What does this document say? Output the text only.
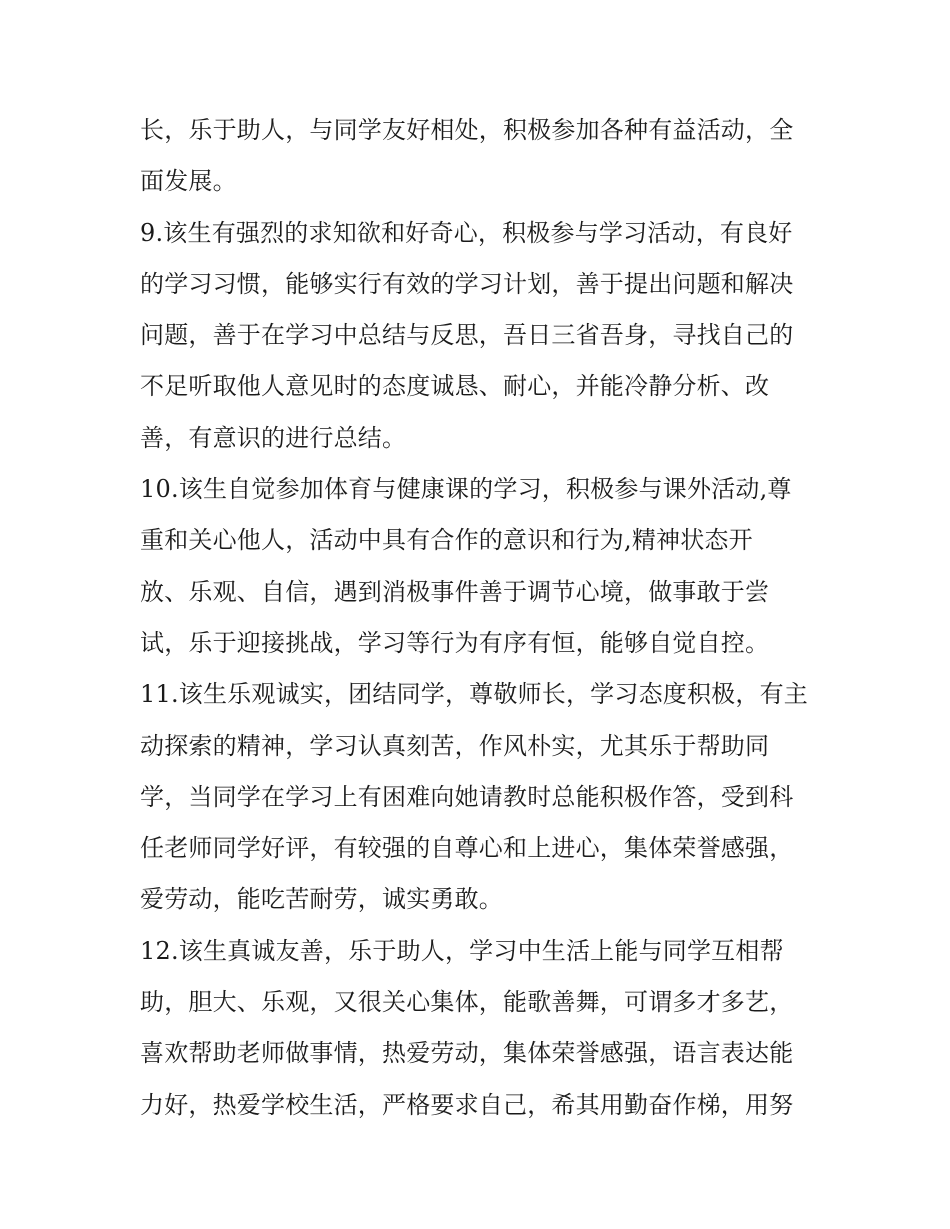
长，乐于助人，与同学友好相处，积极参加各种有益活动，全
面发展。
9.该生有强烈的求知欲和好奇心，积极参与学习活动，有良好
的学习习惯，能够实行有效的学习计划，善于提出问题和解决
问题，善于在学习中总结与反思，吾日三省吾身，寻找自己的
不足听取他人意见时的态度诚恳、耐心，并能冷静分析、改
善，有意识的进行总结。
10.该生自觉参加体育与健康课的学习，积极参与课外活动,尊
重和关心他人，活动中具有合作的意识和行为,精神状态开
放、乐观、自信，遇到消极事件善于调节心境，做事敢于尝
试，乐于迎接挑战，学习等行为有序有恒，能够自觉自控。
11.该生乐观诚实，团结同学，尊敬师长，学习态度积极，有主
动探索的精神，学习认真刻苦，作风朴实，尤其乐于帮助同
学，当同学在学习上有困难向她请教时总能积极作答，受到科
任老师同学好评，有较强的自尊心和上进心，集体荣誉感强，
爱劳动，能吃苦耐劳，诚实勇敢。
12.该生真诚友善，乐于助人，学习中生活上能与同学互相帮
助，胆大、乐观，又很关心集体，能歌善舞，可谓多才多艺，
喜欢帮助老师做事情，热爱劳动，集体荣誉感强，语言表达能
力好，热爱学校生活，严格要求自己，希其用勤奋作梯，用努
